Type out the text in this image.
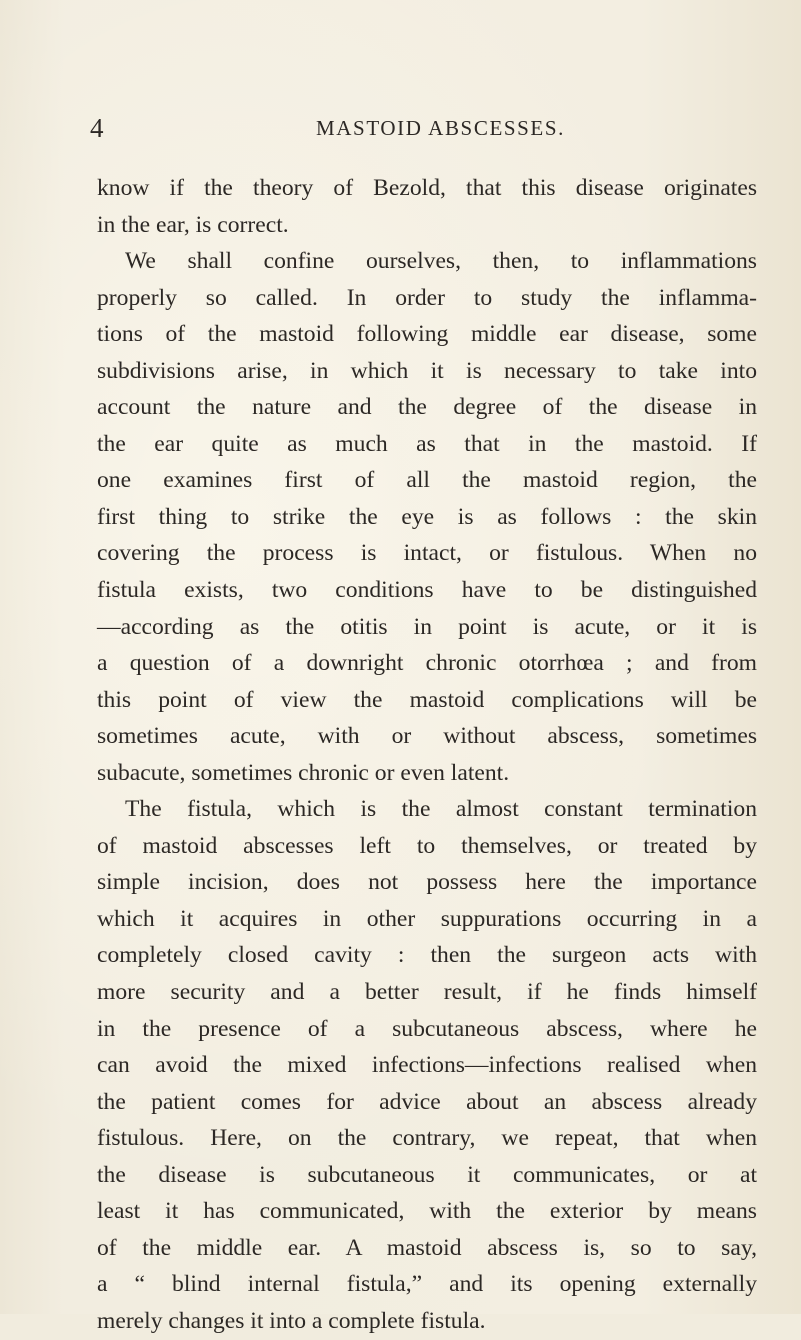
4	MASTOID ABSCESSES.
know if the theory of Bezold, that this disease originates
in the ear, is correct.
We shall confine ourselves, then, to inflammations
properly so called. In order to study the inflamma-
tions of the mastoid following middle ear disease, some
subdivisions arise, in which it is necessary to take into
account the nature and the degree of the disease in
the ear quite as much as that in the mastoid. If
one examines first of all the mastoid region, the
first thing to strike the eye is as follows : the skin
covering the process is intact, or fistulous. When no
fistula exists, two conditions have to be distinguished
—according as the otitis in point is acute, or it is
a question of a downright chronic otorrhœa ; and from
this point of view the mastoid complications will be
sometimes acute, with or without abscess, sometimes
subacute, sometimes chronic or even latent.
The fistula, which is the almost constant termination
of mastoid abscesses left to themselves, or treated by
simple incision, does not possess here the importance
which it acquires in other suppurations occurring in a
completely closed cavity : then the surgeon acts with
more security and a better result, if he finds himself
in the presence of a subcutaneous abscess, where he
can avoid the mixed infections—infections realised when
the patient comes for advice about an abscess already
fistulous. Here, on the contrary, we repeat, that when
the disease is subcutaneous it communicates, or at
least it has communicated, with the exterior by means
of the middle ear. A mastoid abscess is, so to say,
a “ blind internal fistula,” and its opening externally
merely changes it into a complete fistula.
